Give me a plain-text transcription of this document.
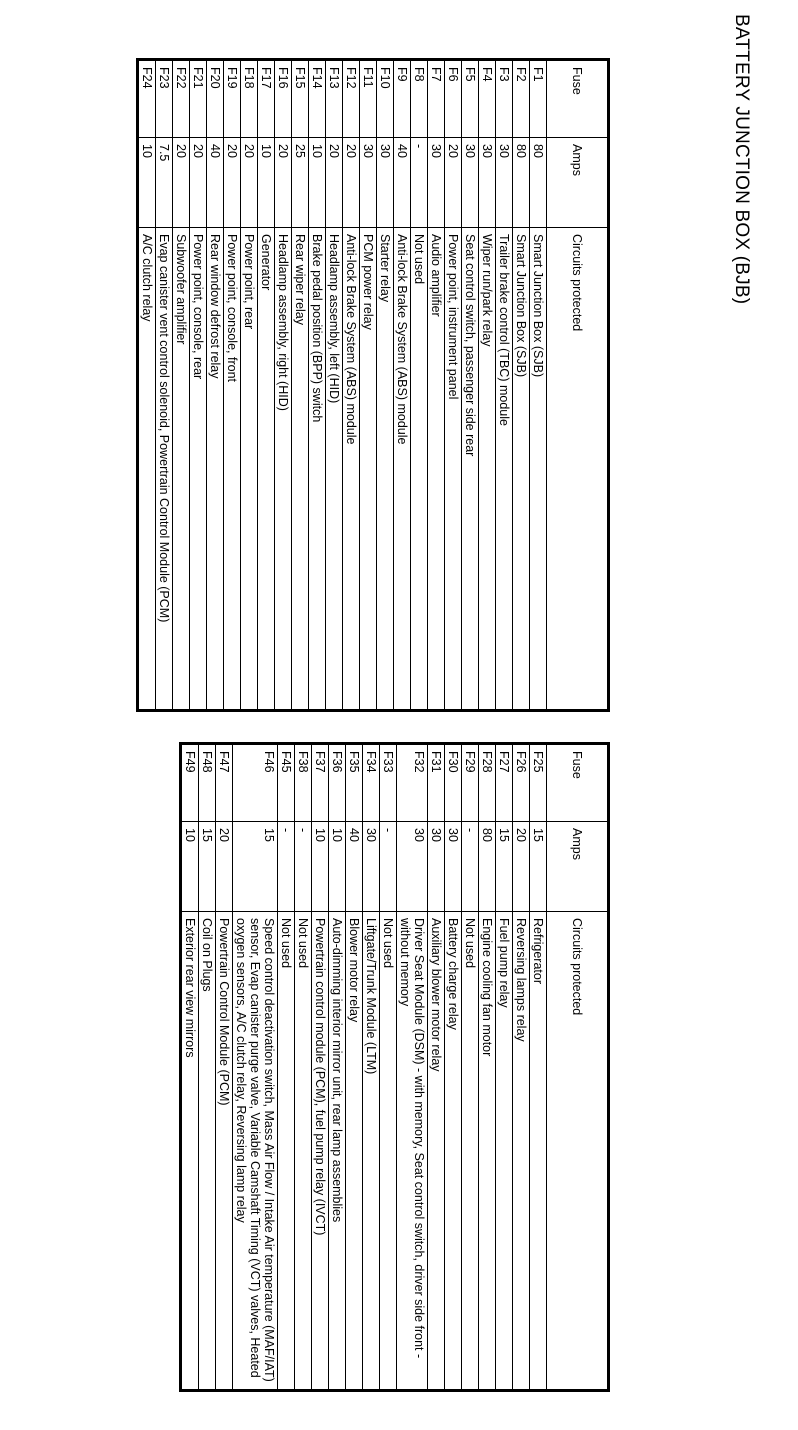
BATTERY JUNCTION BOX (BJB)
Fuse	Amps	Circuits protected
F1	80	Smart Junction Box (SJB)
F2	80	Smart Junction Box (SJB)
F3	30	Trailer brake control (TBC) module
F4	30	Wiper run/park relay
F5	30	Seat control switch, passenger side rear
F6	20	Power point, instrument panel
F7	30	Audio amplifier
F8	-	Not used
F9	40	Anti-lock Brake System (ABS) module
F10	30	Starter relay
F11	30	PCM power relay
F12	20	Anti-lock Brake System (ABS) module
F13	20	Headlamp assembly, left (HID)
F14	10	Brake pedal position (BPP) switch
F15	25	Rear wiper relay
F16	20	Headlamp assembly, right (HID)
F17	10	Generator
F18	20	Power point, rear
F19	20	Power point, console, front
F20	40	Rear window defrost relay
F21	20	Power point, console, rear
F22	20	Subwoofer amplifier
F23	7.5	Evap canister vent control solenoid, Powertrain Control Module (PCM)
F24	10	A/C clutch relay
Fuse	Amps	Circuits protected
F25	15	Refrigerator
F26	20	Reversing lamps relay
F27	15	Fuel pump relay
F28	80	Engine cooling fan motor
F29	-	Not used
F30	30	Battery charge relay
F31	30	Auxiliary blower motor relay
F32	30	Driver Seat Module (DSM) - with memory, Seat control switch, driver side front - without memory
F33	-	Not used
F34	30	Liftgate/Trunk Module (LTM)
F35	40	Blower motor relay
F36	10	Auto-dimming interior mirror unit, rear lamp assemblies
F37	10	Powertrain control module (PCM), fuel pump relay (IVCT)
F38	-	Not used
F45	-	Not used
F46	15	Speed control deactivation switch, Mass Air Flow / Intake Air temperature (MAF/IAT) sensor, Evap canister purge valve, Variable Camshaft Timing (VCT) valves, Heated oxygen sensors, A/C clutch relay, Reversing lamp relay
F47	20	Powertrain Control Module (PCM)
F48	15	Coil on Plugs
F49	10	Exterior rear view mirrors
